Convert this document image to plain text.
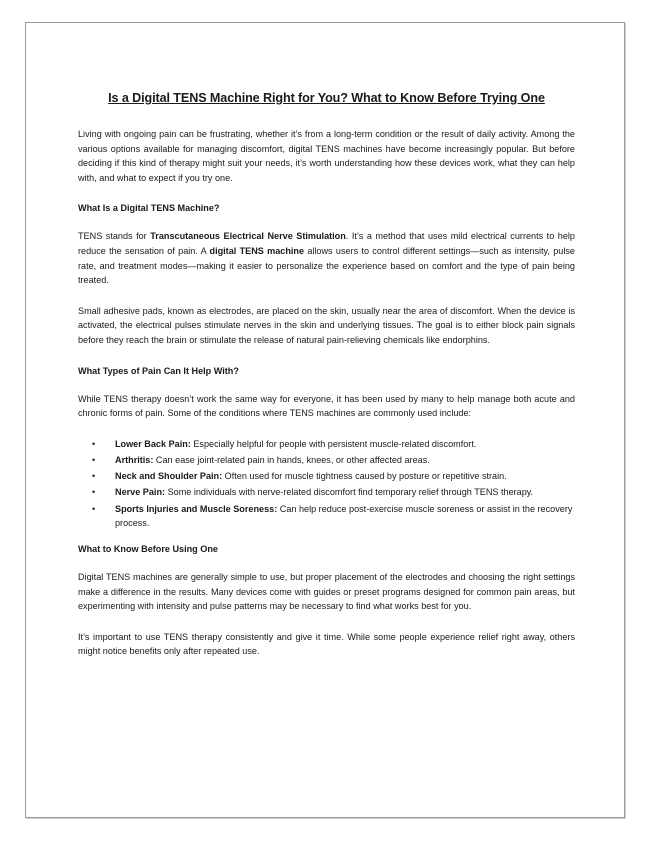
Is a Digital TENS Machine Right for You? What to Know Before Trying One

Living with ongoing pain can be frustrating, whether it’s from a long-term condition or the result of daily activity. Among the various options available for managing discomfort, digital TENS machines have become increasingly popular. But before deciding if this kind of therapy might suit your needs, it’s worth understanding how these devices work, what they can help with, and what to expect if you try one.

What Is a Digital TENS Machine?

TENS stands for Transcutaneous Electrical Nerve Stimulation. It’s a method that uses mild electrical currents to help reduce the sensation of pain. A digital TENS machine allows users to control different settings—such as intensity, pulse rate, and treatment modes—making it easier to personalize the experience based on comfort and the type of pain being treated.

Small adhesive pads, known as electrodes, are placed on the skin, usually near the area of discomfort. When the device is activated, the electrical pulses stimulate nerves in the skin and underlying tissues. The goal is to either block pain signals before they reach the brain or stimulate the release of natural pain-relieving chemicals like endorphins.

What Types of Pain Can It Help With?

While TENS therapy doesn’t work the same way for everyone, it has been used by many to help manage both acute and chronic forms of pain. Some of the conditions where TENS machines are commonly used include:

• Lower Back Pain: Especially helpful for people with persistent muscle-related discomfort.
• Arthritis: Can ease joint-related pain in hands, knees, or other affected areas.
• Neck and Shoulder Pain: Often used for muscle tightness caused by posture or repetitive strain.
• Nerve Pain: Some individuals with nerve-related discomfort find temporary relief through TENS therapy.
• Sports Injuries and Muscle Soreness: Can help reduce post-exercise muscle soreness or assist in the recovery process.
What to Know Before Using One

Digital TENS machines are generally simple to use, but proper placement of the electrodes and choosing the right settings make a difference in the results. Many devices come with guides or preset programs designed for common pain areas, but experimenting with intensity and pulse patterns may be necessary to find what works best for you.

It’s important to use TENS therapy consistently and give it time. While some people experience relief right away, others might notice benefits only after repeated use.
